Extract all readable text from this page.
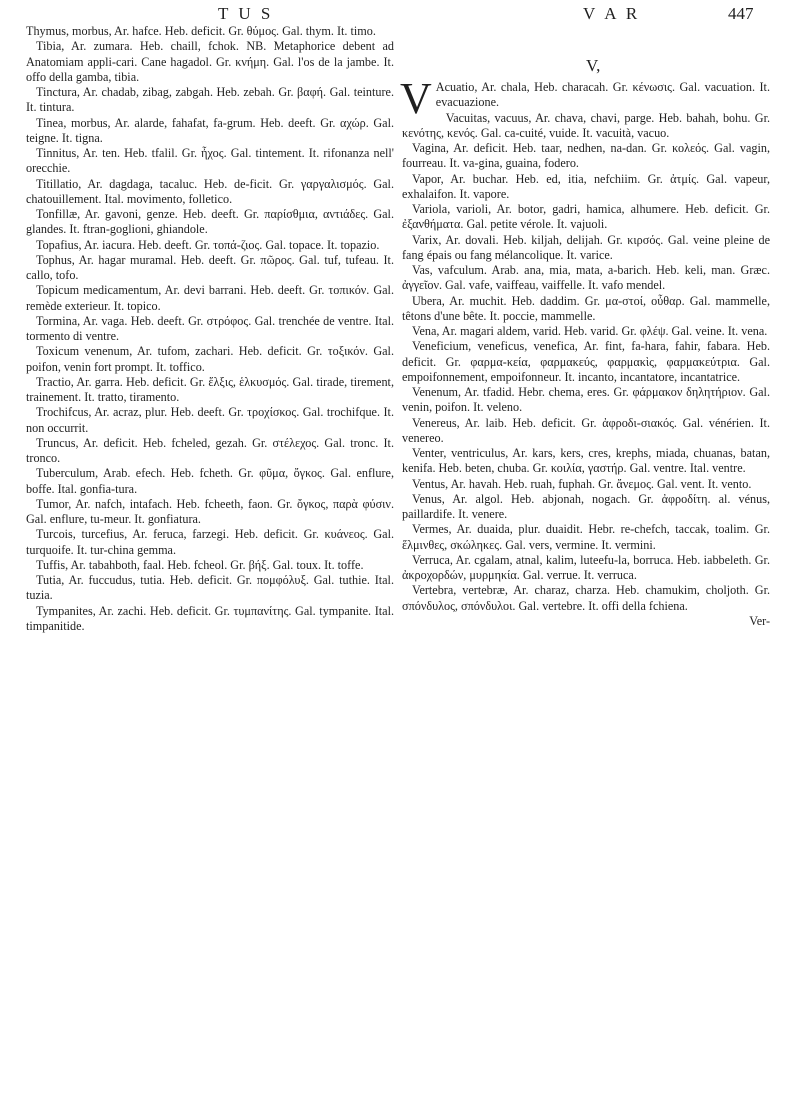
T U S	V A R	447
V,

Thymus, morbus, Ar. hafce. Heb. deficit. Gr. θύμος. Gal. thym. It. timo.

Tibia, Ar. zumara. Heb. chaill, fchok. NB. Metaphorice debent ad Anatomiam appli-cari. Cane hagadol. Gr. κνήμη. Gal. l'os de la jambe. It. offo della gamba, tibia.

Tinctura, Ar. chadab, zibag, zabgah. Heb. zebah. Gr. βαφή. Gal. teinture. It. tintura.

Tinea, morbus, Ar. alarde, fahafat, fa-grum. Heb. deeft. Gr. αχώρ. Gal. teigne. It. tigna.

Tinnitus, Ar. ten. Heb. tfalil. Gr. ἦχος. Gal. tintement. It. rifonanza nell' orecchie.

Titillatio, Ar. dagdaga, tacaluc. Heb. de-ficit. Gr. γαργαλισμός. Gal. chatouillement. Ital. movimento, folletico.

Tonfillæ, Ar. gavoni, genze. Heb. deeft. Gr. παρίσθμια, αντιάδες. Gal. glandes. It. ftran-goglioni, ghiandole.

Topafius, Ar. iacura. Heb. deeft. Gr. τοπά-ζιος. Gal. topace. It. topazio.

Tophus, Ar. hagar muramal. Heb. deeft. Gr. πῶρος. Gal. tuf, tufeau. It. callo, tofo.

Topicum medicamentum, Ar. devi barrani. Heb. deeft. Gr. τοπικόν. Gal. remède exterieur. It. topico.

Tormina, Ar. vaga. Heb. deeft. Gr. στρόφος. Gal. trenchée de ventre. Ital. tormento di ventre.

Toxicum venenum, Ar. tufom, zachari. Heb. deficit. Gr. τοξικόν. Gal. poifon, venin fort prompt. It. toffico.

Tractio, Ar. garra. Heb. deficit. Gr. ἕλξις, ἑλκυσμός. Gal. tirade, tirement, trainement. It. tratto, tiramento.

Trochifcus, Ar. acraz, plur. Heb. deeft. Gr. τροχίσκος. Gal. trochifque. It. non occurrit.

Truncus, Ar. deficit. Heb. fcheled, gezah. Gr. στέλεχος. Gal. tronc. It. tronco.

Tuberculum, Arab. efech. Heb. fcheth. Gr. φῦμα, ὄγκος. Gal. enflure, boffe. Ital. gonfia-tura.

Tumor, Ar. nafch, intafach. Heb. fcheeth, faon. Gr. ὄγκος, παρὰ φύσιν. Gal. enflure, tu-meur. It. gonfiatura.

Turcois, turcefius, Ar. feruca, farzegi. Heb. deficit. Gr. κυάνεος. Gal. turquoife. It. tur-china gemma.

Tuffis, Ar. tabahboth, faal. Heb. fcheol. Gr. βήξ. Gal. toux. It. toffe.

Tutia, Ar. fuccudus, tutia. Heb. deficit. Gr. πομφόλυξ. Gal. tuthie. Ital. tuzia.

Tympanites, Ar. zachi. Heb. deficit. Gr. τυμπανίτης. Gal. tympanite. Ital. timpanitide.

V Acuatio, Ar. chala, Heb. characah. Gr. κένωσις. Gal. vacuation. It. evacuazione.

Vacuitas, vacuus, Ar. chava, chavi, parge. Heb. bahah, bohu. Gr. κενότης, κενός. Gal. ca-cuité, vuide. It. vacuità, vacuo.

Vagina, Ar. deficit. Heb. taar, nedhen, na-dan. Gr. κολεός. Gal. vagin, fourreau. It. va-gina, guaina, fodero.

Vapor, Ar. buchar. Heb. ed, itia, nefchiim. Gr. ἀτμίς. Gal. vapeur, exhalaifon. It. vapore.

Variola, varioli, Ar. botor, gadri, hamica, alhumere. Heb. deficit. Gr. ἐξανθήματα. Gal. petite vérole. It. vajuoli.

Varix, Ar. dovali. Heb. kiljah, delijah. Gr. κιρσός. Gal. veine pleine de fang épais ou fang mélancolique. It. varice.

Vas, vafculum. Arab. ana, mia, mata, a-barich. Heb. keli, man. Græc. ἀγγεῖον. Gal. vafe, vaiffeau, vaiffelle. It. vafo mendel.

Ubera, Ar. muchit. Heb. daddim. Gr. μα-στοί, οὖθαρ. Gal. mammelle, têtons d'une bête. It. poccie, mammelle.

Vena, Ar. magari aldem, varid. Heb. varid. Gr. φλέψ. Gal. veine. It. vena.

Veneficium, veneficus, venefica, Ar. fint, fa-hara, fahir, fabara. Heb. deficit. Gr. φαρμα-κεία, φαρμακεύς, φαρμακὶς, φαρμακεύτρια. Gal. empoifonnement, empoifonneur. It. incanto, incantatore, incantatrice.

Venenum, Ar. tfadid. Hebr. chema, eres. Gr. φάρμακον δηλητήριον. Gal. venin, poifon. It. veleno.

Venereus, Ar. laib. Heb. deficit. Gr. ἀφροδι-σιακός. Gal. vénérien. It. venereo.

Venter, ventriculus, Ar. kars, kers, cres, krephs, miada, chuanas, batan, kenifa. Heb. beten, chuba. Gr. κοιλία, γαστήρ. Gal. ventre. Ital. ventre.

Ventus, Ar. havah. Heb. ruah, fuphah. Gr. ἄνεμος. Gal. vent. It. vento.

Venus, Ar. algol. Heb. abjonah, nogach. Gr. ἀφροδίτη. al. vénus, paillardife. It. venere.

Vermes, Ar. duaida, plur. duaidit. Hebr. re-chefch, taccak, toalim. Gr. ἕλμινθες, σκώληκες. Gal. vers, vermine. It. vermini.

Verruca, Ar. cgalam, atnal, kalim, luteefu-la, borruca. Heb. iabbeleth. Gr. ἀκροχορδών, μυρμηκία. Gal. verrue. It. verruca.

Vertebra, vertebræ, Ar. charaz, charza. Heb. chamukim, choljoth. Gr. σπόνδυλος, σπόνδυλοι. Gal. vertebre. It. offi della fchiena.

Ver-
